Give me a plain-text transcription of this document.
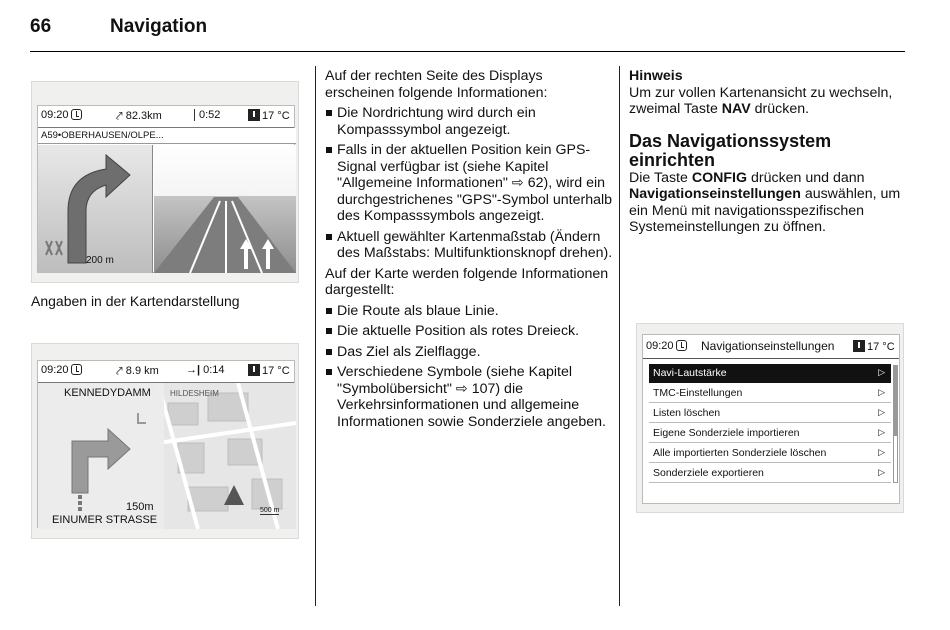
66	Navigation
09:20	⤤ 82.3km	0:52	17 °C
A59•OBERHAUSEN/OLPE...
200 m
Angaben in der Kartendarstellung
09:20	⤤ 8.9 km →| 0:14	17 °C
HILDESHEIM
KENNEDYDAMM
150m
EINUMER STRASSE
500 m

Auf der rechten Seite des Displays erscheinen folgende Informationen:

Die Nordrichtung wird durch ein Kompasssymbol angezeigt.
Falls in der aktuellen Position kein GPS-Signal verfügbar ist (siehe Kapitel "Allgemeine Informationen" ⇨ 62), wird ein durchgestrichenes "GPS"-Symbol unterhalb des Kompasssymbols angezeigt.
Aktuell gewählter Kartenmaßstab (Ändern des Maßstabs: Multifunktionsknopf drehen).

Auf der Karte werden folgende Informationen dargestellt:

Die Route als blaue Linie.
Die aktuelle Position als rotes Dreieck.
Das Ziel als Zielflagge.
Verschiedene Symbole (siehe Kapitel "Symbolübersicht" ⇨ 107) die Verkehrsinformationen und allgemeine Informationen sowie Sonderziele angeben.
Hinweis

Um zur vollen Kartenansicht zu wechseln, zweimal Taste NAV drücken.

Das Navigationssystem einrichten

Die Taste CONFIG drücken und dann Navigationseinstellungen auswählen, um ein Menü mit navigationsspezifischen Systemeinstellungen zu öffnen.

09:20	Navigationseinstellungen	17 °C
Navi-Lautstärke	▷
TMC-Einstellungen	▷
Listen löschen	▷
Eigene Sonderziele importieren	▷
Alle importierten Sonderziele löschen	▷
Sonderziele exportieren	▷
